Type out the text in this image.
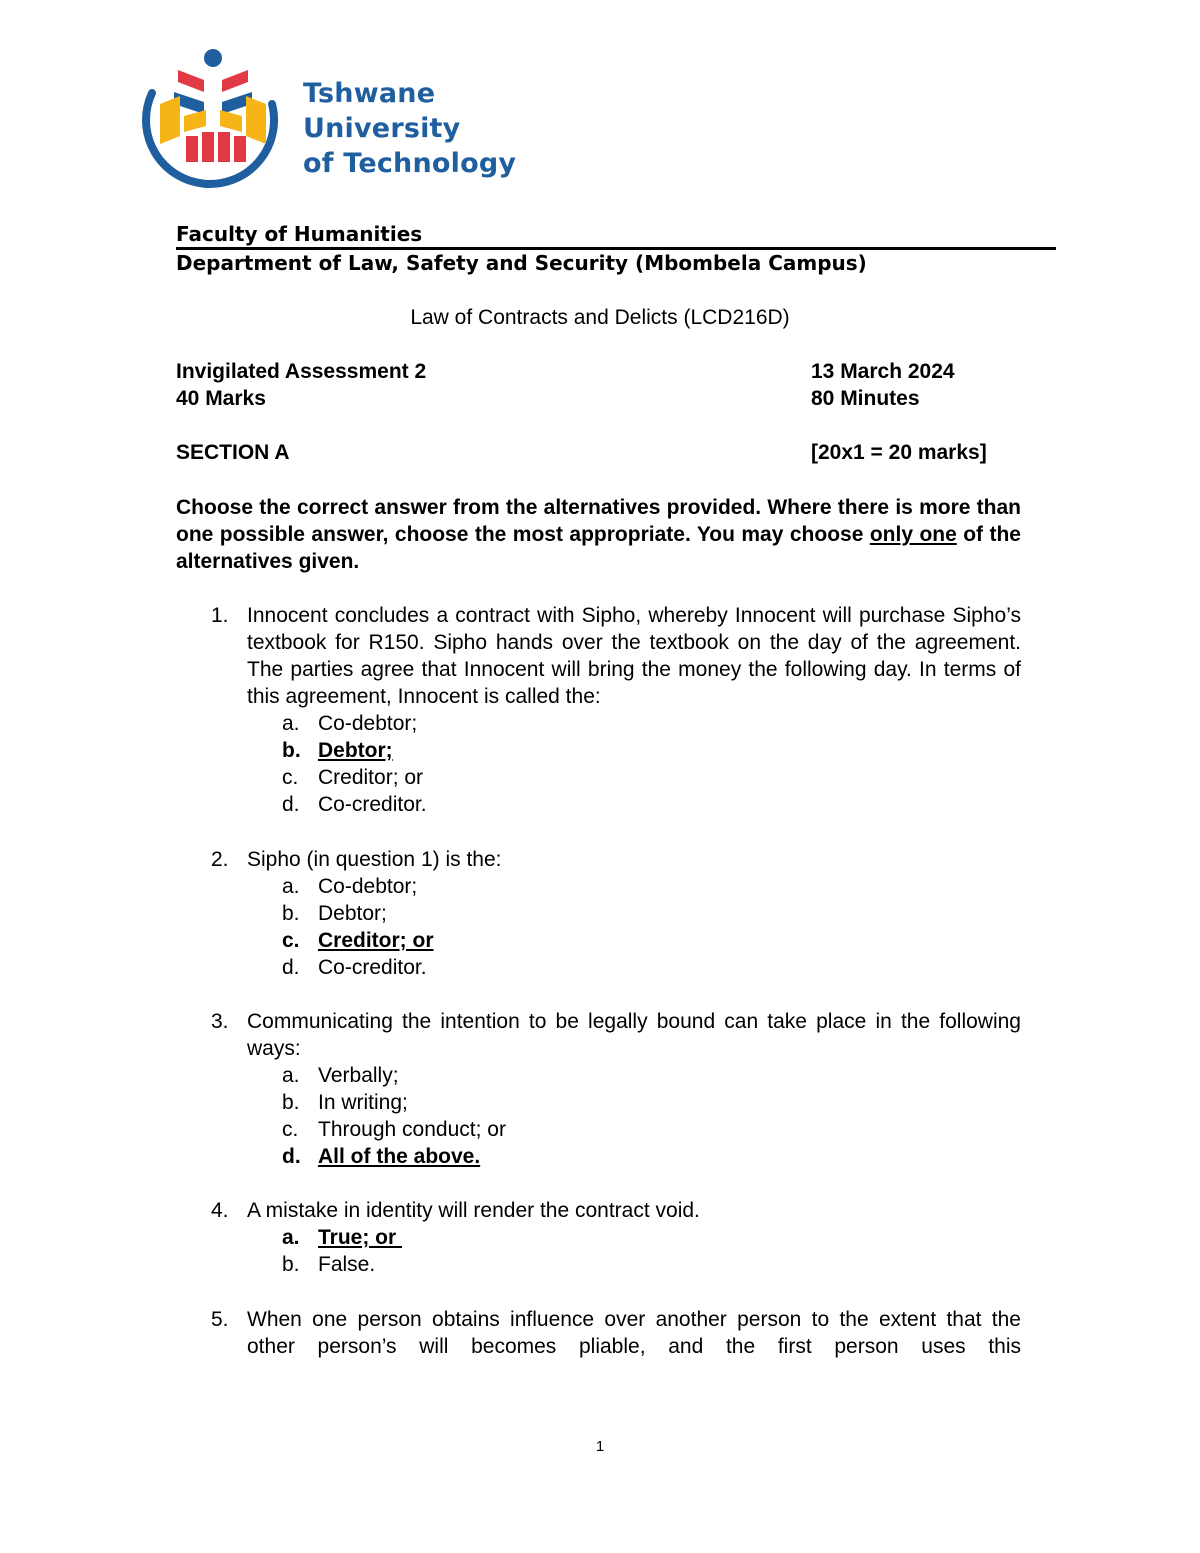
Tshwane University
of Technology
Faculty of Humanities
Department of Law, Safety and Security (Mbombela Campus)
Law of Contracts and Delicts (LCD216D)
Invigilated Assessment 2	13 March 2024
40 Marks	80 Minutes
SECTION A	[20x1 = 20 marks]
Choose the correct answer from the alternatives provided. Where there is more than one possible answer, choose the most appropriate. You may choose only one of the alternatives given.
1. Innocent concludes a contract with Sipho, whereby Innocent will purchase Sipho’s textbook for R150. Sipho hands over the textbook on the day of the agreement. The parties agree that Innocent will bring the money the following day. In terms of this agreement, Innocent is called the:
a. Co-debtor;
b. Debtor;
c. Creditor; or
d. Co-creditor.
2. Sipho (in question 1) is the:
a. Co-debtor;
b. Debtor;
c. Creditor; or
d. Co-creditor.
3. Communicating the intention to be legally bound can take place in the following ways:
a. Verbally;
b. In writing;
c. Through conduct; or
d. All of the above.
4. A mistake in identity will render the contract void.
a. True; or
b. False.
5. When one person obtains influence over another person to the extent that the other person’s will becomes pliable, and the first person uses this
1
